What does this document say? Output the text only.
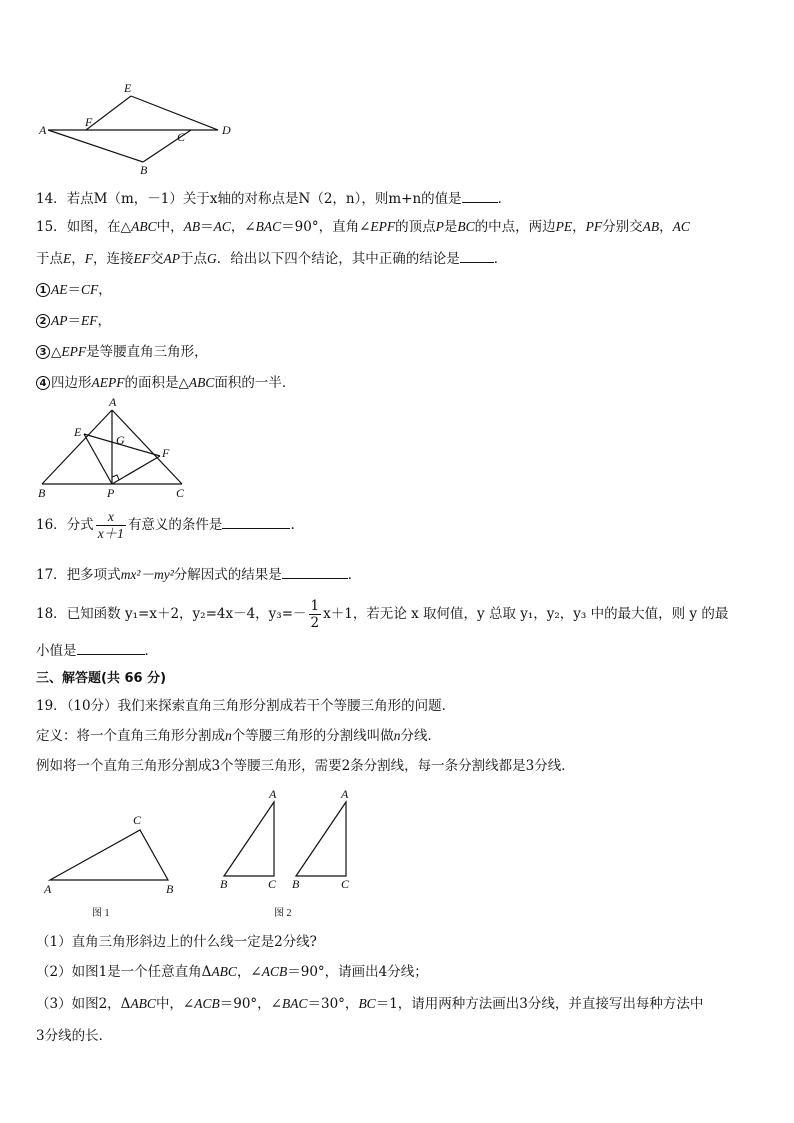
A
F
E
D
C
B
14．若点M（m，－1）关于x轴的对称点是N（2，n），则m+n的值是	．
15．如图，在△ABC中，AB＝AC，∠BAC＝90°，直角∠EPF的顶点P是BC的中点，两边PE，PF分别交AB，AC
于点E，F，连接EF交AP于点G．给出以下四个结论，其中正确的结论是	．
1 AE＝CF，
2 AP＝EF，
3 △EPF是等腰直角三角形，
4 四边形AEPF的面积是△ABC面积的一半．
A
E
G
F
B	P	C
16．分式 $\frac{x}{x+1}$ 有意义的条件是	.
17．把多项式mx²－my²分解因式的结果是	．
18．已知函数 y₁=x＋2，y₂=4x－4，$y_3=- \frac{1}{2} x+1$，若无论 x 取何值，y 总取 y₁，y₂，y₃ 中的最大值，则 y 的最
小值是	．
三、解答题(共 66 分)
19．（10分）我们来探索直角三角形分割成若干个等腰三角形的问题．
定义：将一个直角三角形分割成n个等腰三角形的分割线叫做n分线．
例如将一个直角三角形分割成3个等腰三角形，需要2条分割线，每一条分割线都是3分线．
C
A	B
图 1
A
B	C
A
B	C
图 2
（1）直角三角形斜边上的什么线一定是2分线?
（2）如图1是一个任意直角ΔABC，∠ACB＝90°，请画出4分线；
（3）如图2，ΔABC中，∠ACB＝90°，∠BAC＝30°，BC＝1，请用两种方法画出3分线，并直接写出每种方法中
3分线的长．
